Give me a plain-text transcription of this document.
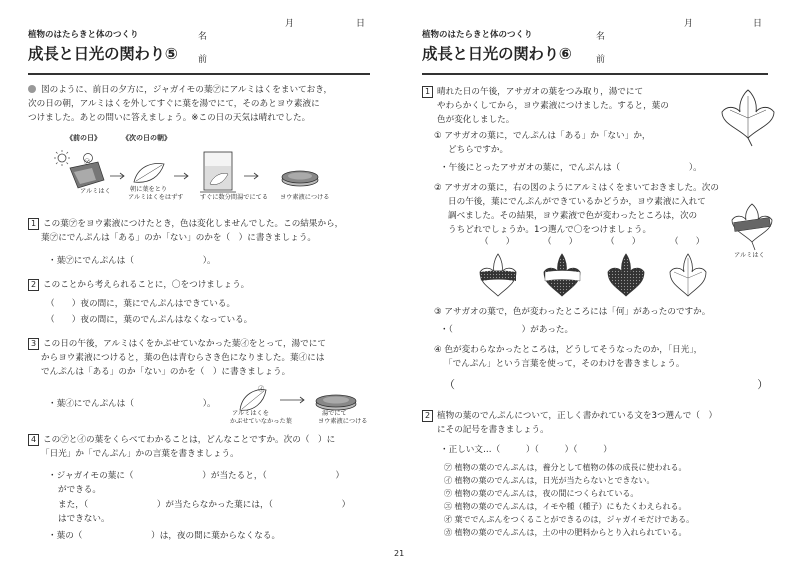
植物のはたらきと体のつくり
成長と日光の関わり⑤
月	日
名前
図のように、前日の夕方に，ジャガイモの葉㋐にアルミはくをまいておき，
次の日の朝，アルミはくを外してすぐに葉を湯でにて，そのあとヨウ素液に
つけました。あとの問いに答えましょう。※この日の天気は晴れでした。
《前の日》	《次の日の朝》
アルミはく
㋐
朝に葉をとり
アルミはくをはずす	すぐに数分間湯でにてる ヨウ素液につける
1 この葉㋐をヨウ素液につけたとき，色は変化しませんでした。この結果から，
葉㋐にでんぷんは「ある」のか「ない」のかを（　）に書きましょう。
・葉㋐にでんぷんは（　　　　　　　　）。
2 このことから考えられることに，〇をつけましょう。
（　　）夜の間に，葉にでんぷんはできている。
（　　）夜の間に，葉のでんぷんはなくなっている。
3 この日の午後，アルミはくをかぶせていなかった葉㋑をとって，湯でにて
からヨウ素液につけると，葉の色は青むらさき色になりました。葉㋑には
でんぷんは「ある」のか「ない」のかを（　）に書きましょう。
・葉㋑にでんぷんは（　　　　　　　　）。
㋑
アルミはくを
かぶせていなかった葉
湯でにて
ヨウ素液につける
4 この㋐と㋑の葉をくらべてわかることは，どんなことですか。次の（　）に
「日光」か「でんぷん」かの言葉を書きましょう。
・ジャガイモの葉に（　　　　　　　　）が当たると，（　　　　　　　　）
ができる。
また，（　　　　　　　　）が当たらなかった葉には，（　　　　　　　　）
はできない。
・葉の（　　　　　　　　）は，夜の間に葉からなくなる。
植物のはたらきと体のつくり
成長と日光の関わり⑥
月	日
名前
1 晴れた日の午後，アサガオの葉をつみ取り，湯でにて
やわらかくしてから，ヨウ素液につけました。すると，葉の
色が変化しました。
① アサガオの葉に，でんぷんは「ある」か「ない」か，
どちらですか。
・午後にとったアサガオの葉に，でんぷんは（　　　　　　　　）。
② アサガオの葉に，右の図のようにアルミはくをまいておきました。次の
日の午後，葉にでんぷんができているかどうか，ヨウ素液に入れて
調べました。その結果，ヨウ素液で色が変わったところは，次の
うちどれでしょうか。1つ選んで〇をつけましょう。
アルミはく
（　　）	（　　）	（　　）	（　　）
③ アサガオの葉で，色が変わったところには「何」があったのですか。
・（　　　　　　　　）があった。
④ 色が変わらなかったところは，どうしてそうなったのか，「日光」，
「でんぷん」という言葉を使って，そのわけを書きましょう。
（　　　　　　　　　　　　　　　　　　　　　　　　　　　　）
2 植物の葉のでんぷんについて，正しく書かれている文を3つ選んで（　）
にその記号を書きましょう。
・正しい文…（　　　）（　　　）（　　　）
㋐ 植物の葉のでんぷんは，養分として植物の体の成長に使われる。
㋑ 植物の葉のでんぷんは，日光が当たらないとできない。
㋒ 植物の葉のでんぷんは，夜の間につくられている。
㋓ 植物の葉のでんぷんは，イモや種（種子）にもたくわえられる。
㋔ 葉ででんぷんをつくることができるのは，ジャガイモだけである。
㋕ 植物の葉のでんぷんは，土の中の肥料からとり入れられている。
21
